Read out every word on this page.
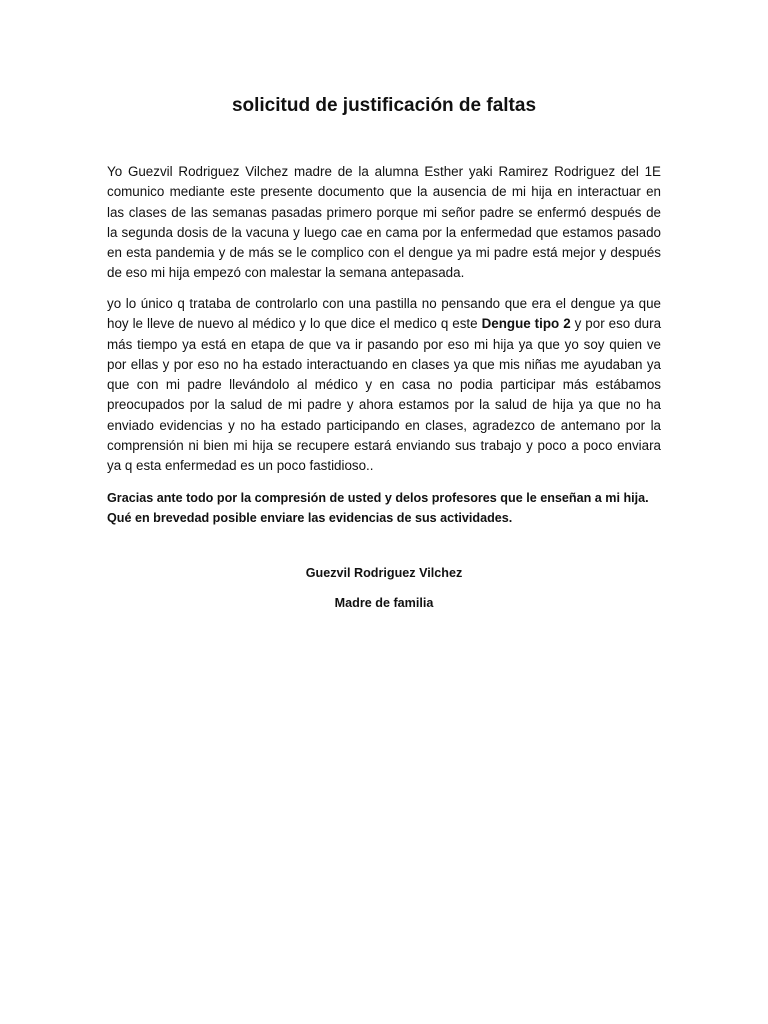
solicitud de justificación de faltas
Yo Guezvil Rodriguez Vilchez madre de la alumna Esther yaki Ramirez Rodriguez del 1E comunico mediante este presente documento que la ausencia de mi hija en interactuar en las clases de las semanas pasadas primero porque mi señor padre se enfermó después de la segunda dosis de la vacuna y luego cae en cama por la enfermedad que estamos pasado en esta pandemia y de más se le complico con el dengue ya mi padre está mejor y después de eso mi hija empezó con malestar la semana antepasada.
yo lo único q trataba de controlarlo con una pastilla no pensando que era el dengue ya que hoy le lleve de nuevo al médico y lo que dice el medico q este Dengue tipo 2 y por eso dura más tiempo ya está en etapa de que va ir pasando por eso mi hija ya que yo soy quien ve por ellas y por eso no ha estado interactuando en clases ya que mis niñas me ayudaban ya que con mi padre llevándolo al médico y en casa no podia participar más estábamos preocupados por la salud de mi padre y ahora estamos por la salud de hija ya que no ha enviado evidencias y no ha estado participando en clases, agradezco de antemano por la comprensión ni bien mi hija se recupere estará enviando sus trabajo y poco a poco enviara ya q esta enfermedad es un poco fastidioso..
Gracias ante todo por la compresión de usted y delos profesores que le enseñan a mi hija. Qué en brevedad posible enviare las evidencias de sus actividades.
Guezvil Rodriguez Vilchez
Madre de familia
